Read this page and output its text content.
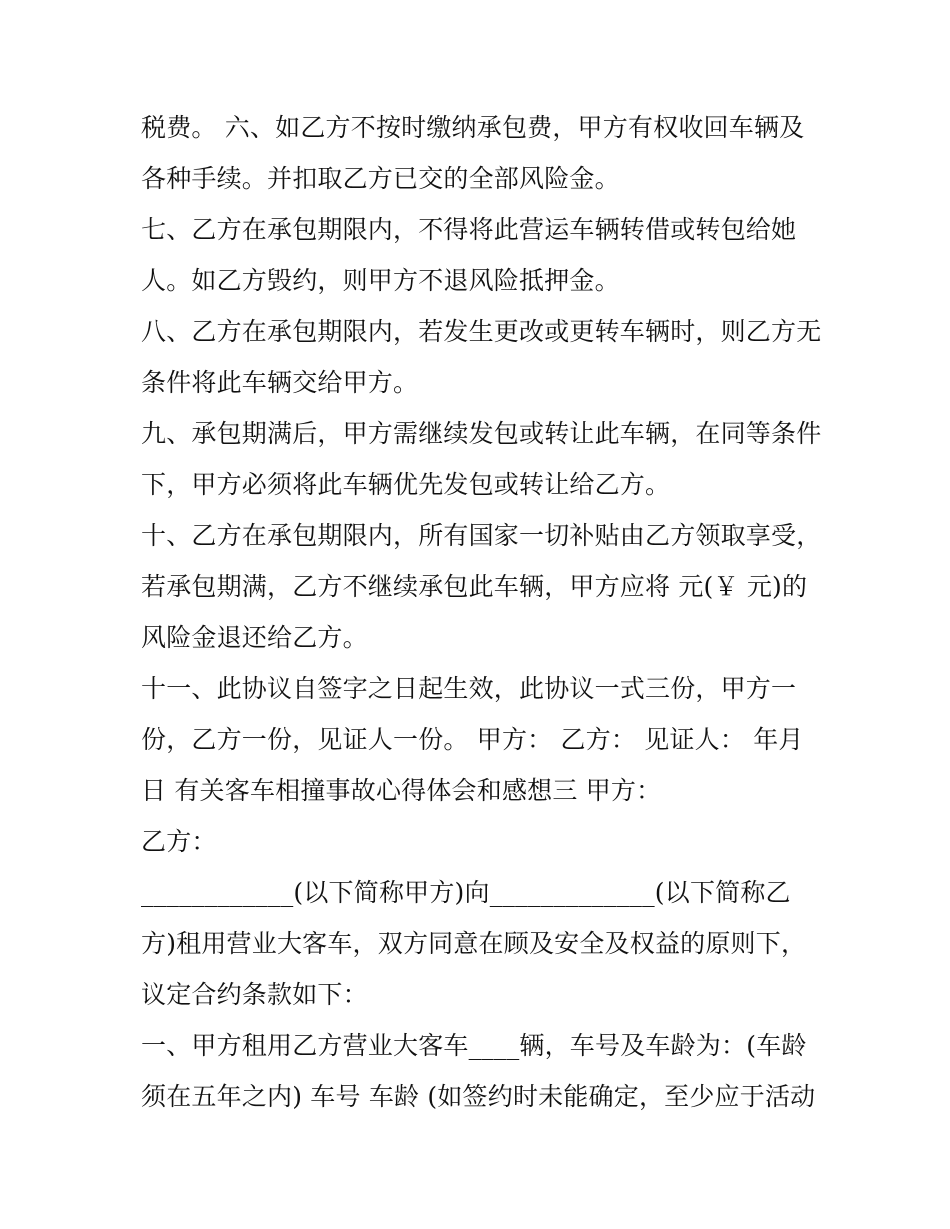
税费。 六、如乙方不按时缴纳承包费，甲方有权收回车辆及
各种手续。并扣取乙方已交的全部风险金。
七、乙方在承包期限内，不得将此营运车辆转借或转包给她
人。如乙方毁约，则甲方不退风险抵押金。
八、乙方在承包期限内，若发生更改或更转车辆时，则乙方无
条件将此车辆交给甲方。
九、承包期满后，甲方需继续发包或转让此车辆，在同等条件
下，甲方必须将此车辆优先发包或转让给乙方。
十、乙方在承包期限内，所有国家一切补贴由乙方领取享受，
若承包期满，乙方不继续承包此车辆，甲方应将 元(￥ 元)的
风险金退还给乙方。
十一、此协议自签字之日起生效，此协议一式三份，甲方一
份，乙方一份，见证人一份。 甲方： 乙方： 见证人： 年月
日 有关客车相撞事故心得体会和感想三 甲方：
乙方：
____________(以下简称甲方)向_____________(以下简称乙
方)租用营业大客车，双方同意在顾及安全及权益的原则下，
议定合约条款如下：
一、甲方租用乙方营业大客车____辆，车号及车龄为：(车龄
须在五年之内) 车号 车龄 (如签约时未能确定，至少应于活动
